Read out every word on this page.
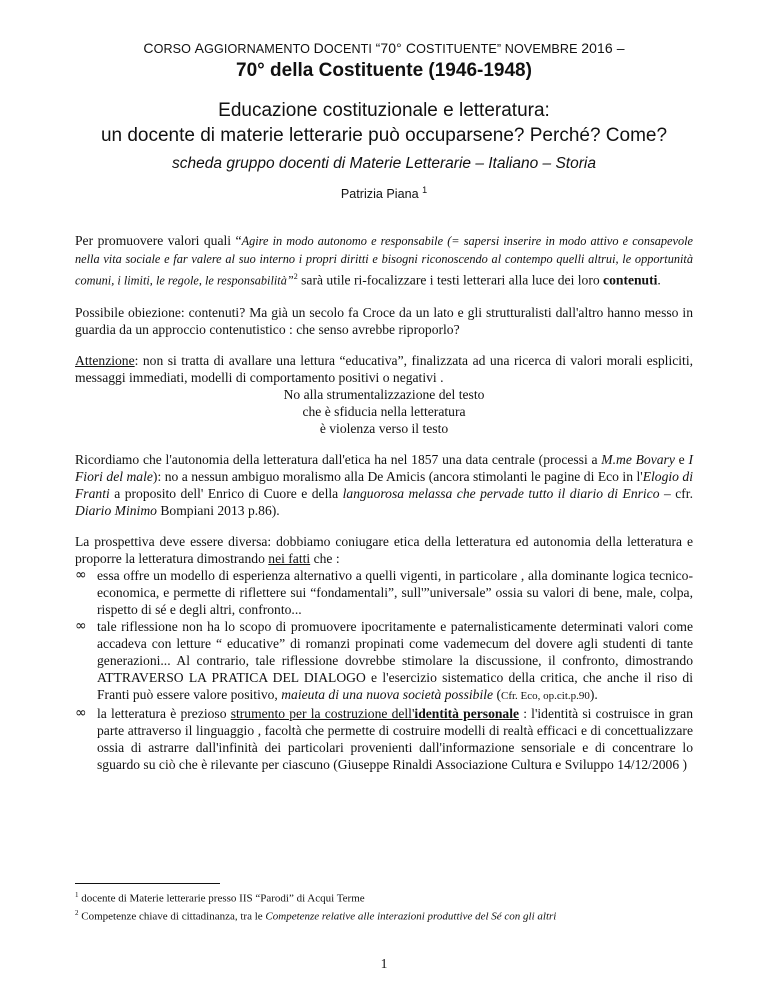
CORSO AGGIORNAMENTO DOCENTI “70° COSTITUENTE” NOVEMBRE 2016 –
70° della Costituente (1946-1948)
Educazione costituzionale e letteratura:
un docente di materie letterarie può occuparsene? Perché? Come?
scheda gruppo docenti di Materie Letterarie – Italiano – Storia
Patrizia Piana $^1$

Per promuovere valori quali “Agire in modo autonomo e responsabile (= sapersi inserire in modo attivo e consapevole nella vita sociale e far valere al suo interno i propri diritti e bisogni riconoscendo al contempo quelli altrui, le opportunità comuni, i limiti, le regole, le responsabilità”$^2$ sarà utile ri-focalizzare i testi letterari alla luce dei loro contenuti.

Possibile obiezione: contenuti? Ma già un secolo fa Croce da un lato e gli strutturalisti dall'altro hanno messo in guardia da un approccio contenutistico : che senso avrebbe riproporlo?

Attenzione: non si tratta di avallare una lettura “educativa”, finalizzata ad una ricerca di valori morali espliciti, messaggi immediati, modelli di comportamento positivi o negativi .

No alla strumentalizzazione del testo

che è sfiducia nella letteratura

è violenza verso il testo

Ricordiamo che l'autonomia della letteratura dall'etica ha nel 1857 una data centrale (processi a M.me Bovary e I Fiori del male): no a nessun ambiguo moralismo alla De Amicis (ancora stimolanti le pagine di Eco in l'Elogio di Franti a proposito dell' Enrico di Cuore e della languorosa melassa che pervade tutto il diario di Enrico – cfr. Diario Minimo Bompiani 2013 p.86).

La prospettiva deve essere diversa: dobbiamo coniugare etica della letteratura ed autonomia della letteratura e proporre la letteratura dimostrando nei fatti che :

∞ essa offre un modello di esperienza alternativo a quelli vigenti, in particolare , alla dominante logica tecnico-economica, e permette di riflettere sui “fondamentali”, sull'”universale” ossia su valori di bene, male, colpa, rispetto di sé e degli altri, confronto...
∞ tale riflessione non ha lo scopo di promuovere ipocritamente e paternalisticamente determinati valori come accadeva con letture “ educative” di romanzi propinati come vademecum del dovere agli studenti di tante generazioni... Al contrario, tale riflessione dovrebbe stimolare la discussione, il confronto, dimostrando ATTRAVERSO LA PRATICA DEL DIALOGO e l'esercizio sistematico della critica, che anche il riso di Franti può essere valore positivo, maieuta di una nuova società possibile (Cfr. Eco, op.cit.p.90).
∞ la letteratura è prezioso strumento per la costruzione dell'identità personale : l'identità si costruisce in gran parte attraverso il linguaggio , facoltà che permette di costruire modelli di realtà efficaci e di concettualizzare ossia di astrarre dall'infinità dei particolari provenienti dall'informazione sensoriale e di concentrare lo sguardo su ciò che è rilevante per ciascuno (Giuseppe Rinaldi Associazione Cultura e Sviluppo 14/12/2006 )
$^1$ docente di Materie letterarie presso IIS “Parodi” di Acqui Terme
$^2$ Competenze chiave di cittadinanza, tra le Competenze relative alle interazioni produttive del Sé con gli altri
1
